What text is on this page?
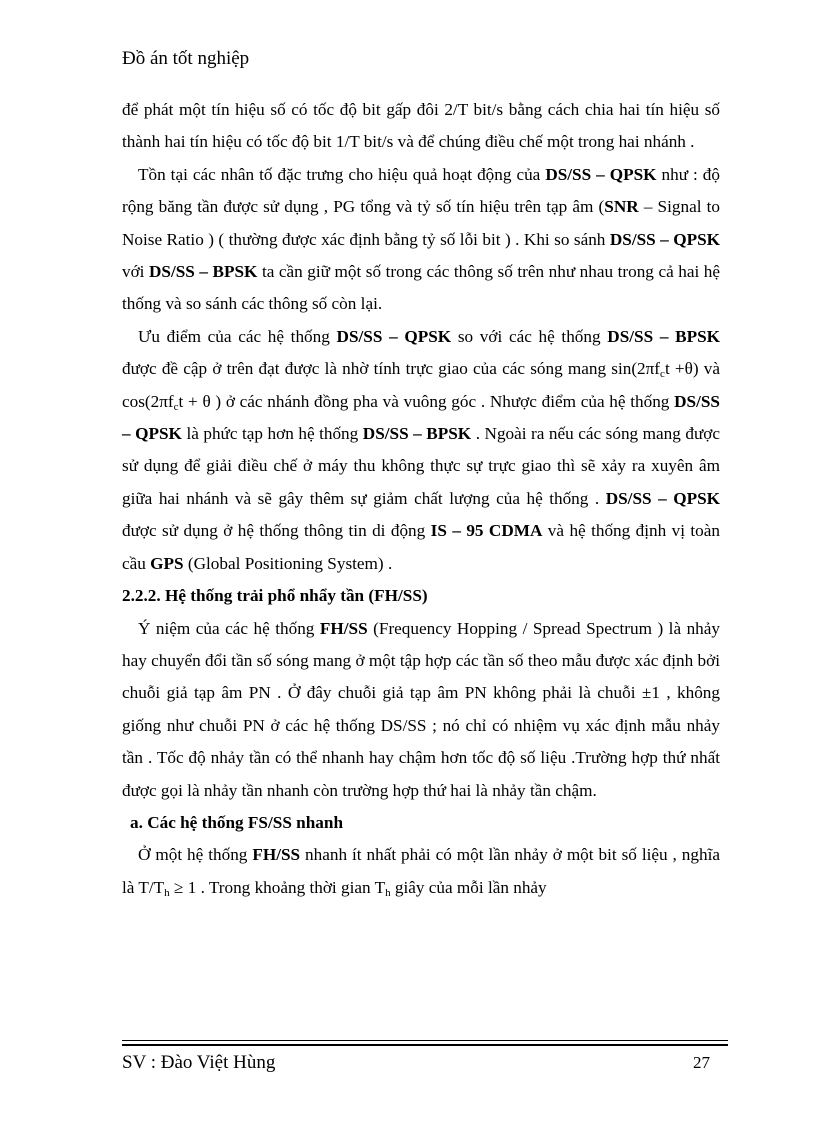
Đồ án tốt nghiệp

để phát một tín hiệu số có tốc độ bit gấp đôi 2/T bit/s bằng cách chia hai tín hiệu số thành hai tín hiệu có tốc độ bit 1/T bit/s và để chúng điều chế một trong hai nhánh .

Tồn tại các nhân tố đặc trưng cho hiệu quả hoạt động của DS/SS – QPSK như : độ rộng băng tần được sử dụng , PG tổng và tỷ số tín hiệu trên tạp âm (SNR – Signal to Noise Ratio ) ( thường được xác định bằng tỷ số lỗi bit ) . Khi so sánh DS/SS – QPSK với DS/SS – BPSK ta cần giữ một số trong các thông số trên như nhau trong cả hai hệ thống và so sánh các thông số còn lại.

Ưu điểm của các hệ thống DS/SS – QPSK so với các hệ thống DS/SS – BPSK được đề cập ở trên đạt được là nhờ tính trực giao của các sóng mang $\sin(2\pi f_ct +\theta)$ và $\cos(2\pi f_ct + \theta$ ) ở các nhánh đồng pha và vuông góc . Nhược điểm của hệ thống DS/SS – QPSK là phức tạp hơn hệ thống DS/SS – BPSK . Ngoài ra nếu các sóng mang được sử dụng để giải điều chế ở máy thu không thực sự trực giao thì sẽ xảy ra xuyên âm giữa hai nhánh và sẽ gây thêm sự giảm chất lượng của hệ thống . DS/SS – QPSK được sử dụng ở hệ thống thông tin di động IS – 95 CDMA và hệ thống định vị toàn cầu GPS (Global Positioning System) .

2.2.2. Hệ thống trải phổ nhẩy tần (FH/SS)

Ý niệm của các hệ thống FH/SS (Frequency Hopping / Spread Spectrum ) là nhảy hay chuyển đổi tần số sóng mang ở một tập hợp các tần số theo mẫu được xác định bởi chuỗi giả tạp âm PN . Ở đây chuỗi giả tạp âm PN không phải là chuỗi ±1 , không giống như chuỗi PN ở các hệ thống DS/SS ; nó chỉ có nhiệm vụ xác định mẫu nhảy tần . Tốc độ nhảy tần có thể nhanh hay chậm hơn tốc độ số liệu .Trường hợp thứ nhất được gọi là nhảy tần nhanh còn trường hợp thứ hai là nhảy tần chậm.

a. Các hệ thống FS/SS nhanh

Ở một hệ thống FH/SS nhanh ít nhất phải có một lần nhảy ở một bit số liệu , nghĩa là $T/T_h \ge 1$ . Trong khoảng thời gian $T_h$ giây của mỗi lần nhảy

SV : Đào Việt Hùng	27
